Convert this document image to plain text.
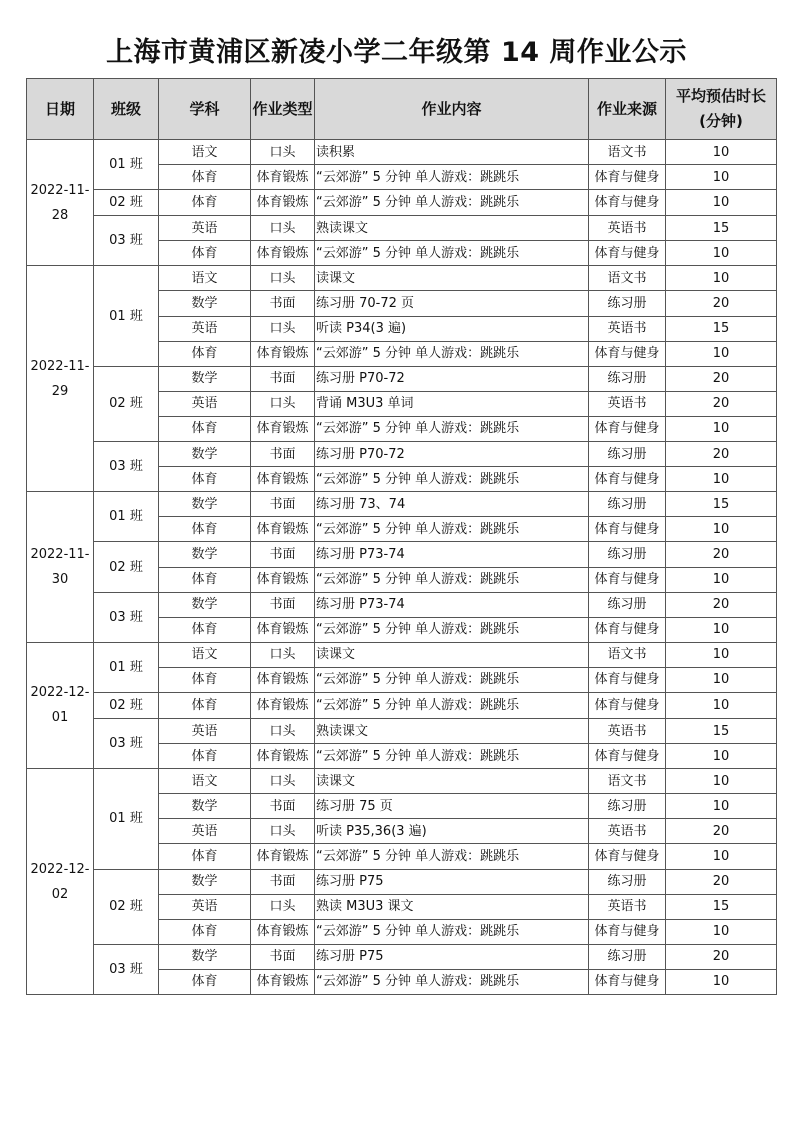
上海市黄浦区新凌小学二年级第 14 周作业公示
日期	班级	学科	作业类型	作业内容	作业来源	平均预估时长(分钟)
2022-11-28	01 班	语文	口头	读积累	语文书	10
		体育	体育锻炼	“云郊游” 5 分钟 单人游戏：跳跳乐	体育与健身	10
	02 班	体育	体育锻炼	“云郊游” 5 分钟 单人游戏：跳跳乐	体育与健身	10
	03 班	英语	口头	熟读课文	英语书	15
		体育	体育锻炼	“云郊游” 5 分钟 单人游戏：跳跳乐	体育与健身	10
2022-11-29	01 班	语文	口头	读课文	语文书	10
		数学	书面	练习册 70-72 页	练习册	20
		英语	口头	听读 P34(3 遍)	英语书	15
		体育	体育锻炼	“云郊游” 5 分钟 单人游戏：跳跳乐	体育与健身	10
	02 班	数学	书面	练习册 P70-72	练习册	20
		英语	口头	背诵 M3U3 单词	英语书	20
		体育	体育锻炼	“云郊游” 5 分钟 单人游戏：跳跳乐	体育与健身	10
	03 班	数学	书面	练习册 P70-72	练习册	20
		体育	体育锻炼	“云郊游” 5 分钟 单人游戏：跳跳乐	体育与健身	10
2022-11-30	01 班	数学	书面	练习册 73、74	练习册	15
		体育	体育锻炼	“云郊游” 5 分钟 单人游戏：跳跳乐	体育与健身	10
	02 班	数学	书面	练习册 P73-74	练习册	20
		体育	体育锻炼	“云郊游” 5 分钟 单人游戏：跳跳乐	体育与健身	10
	03 班	数学	书面	练习册 P73-74	练习册	20
		体育	体育锻炼	“云郊游” 5 分钟 单人游戏：跳跳乐	体育与健身	10
2022-12-01	01 班	语文	口头	读课文	语文书	10
		体育	体育锻炼	“云郊游” 5 分钟 单人游戏：跳跳乐	体育与健身	10
	02 班	体育	体育锻炼	“云郊游” 5 分钟 单人游戏：跳跳乐	体育与健身	10
	03 班	英语	口头	熟读课文	英语书	15
		体育	体育锻炼	“云郊游” 5 分钟 单人游戏：跳跳乐	体育与健身	10
2022-12-02	01 班	语文	口头	读课文	语文书	10
		数学	书面	练习册 75 页	练习册	10
		英语	口头	听读 P35,36(3 遍)	英语书	20
		体育	体育锻炼	“云郊游” 5 分钟 单人游戏：跳跳乐	体育与健身	10
	02 班	数学	书面	练习册 P75	练习册	20
		英语	口头	熟读 M3U3 课文	英语书	15
		体育	体育锻炼	“云郊游” 5 分钟 单人游戏：跳跳乐	体育与健身	10
	03 班	数学	书面	练习册 P75	练习册	20
		体育	体育锻炼	“云郊游” 5 分钟 单人游戏：跳跳乐	体育与健身	10
